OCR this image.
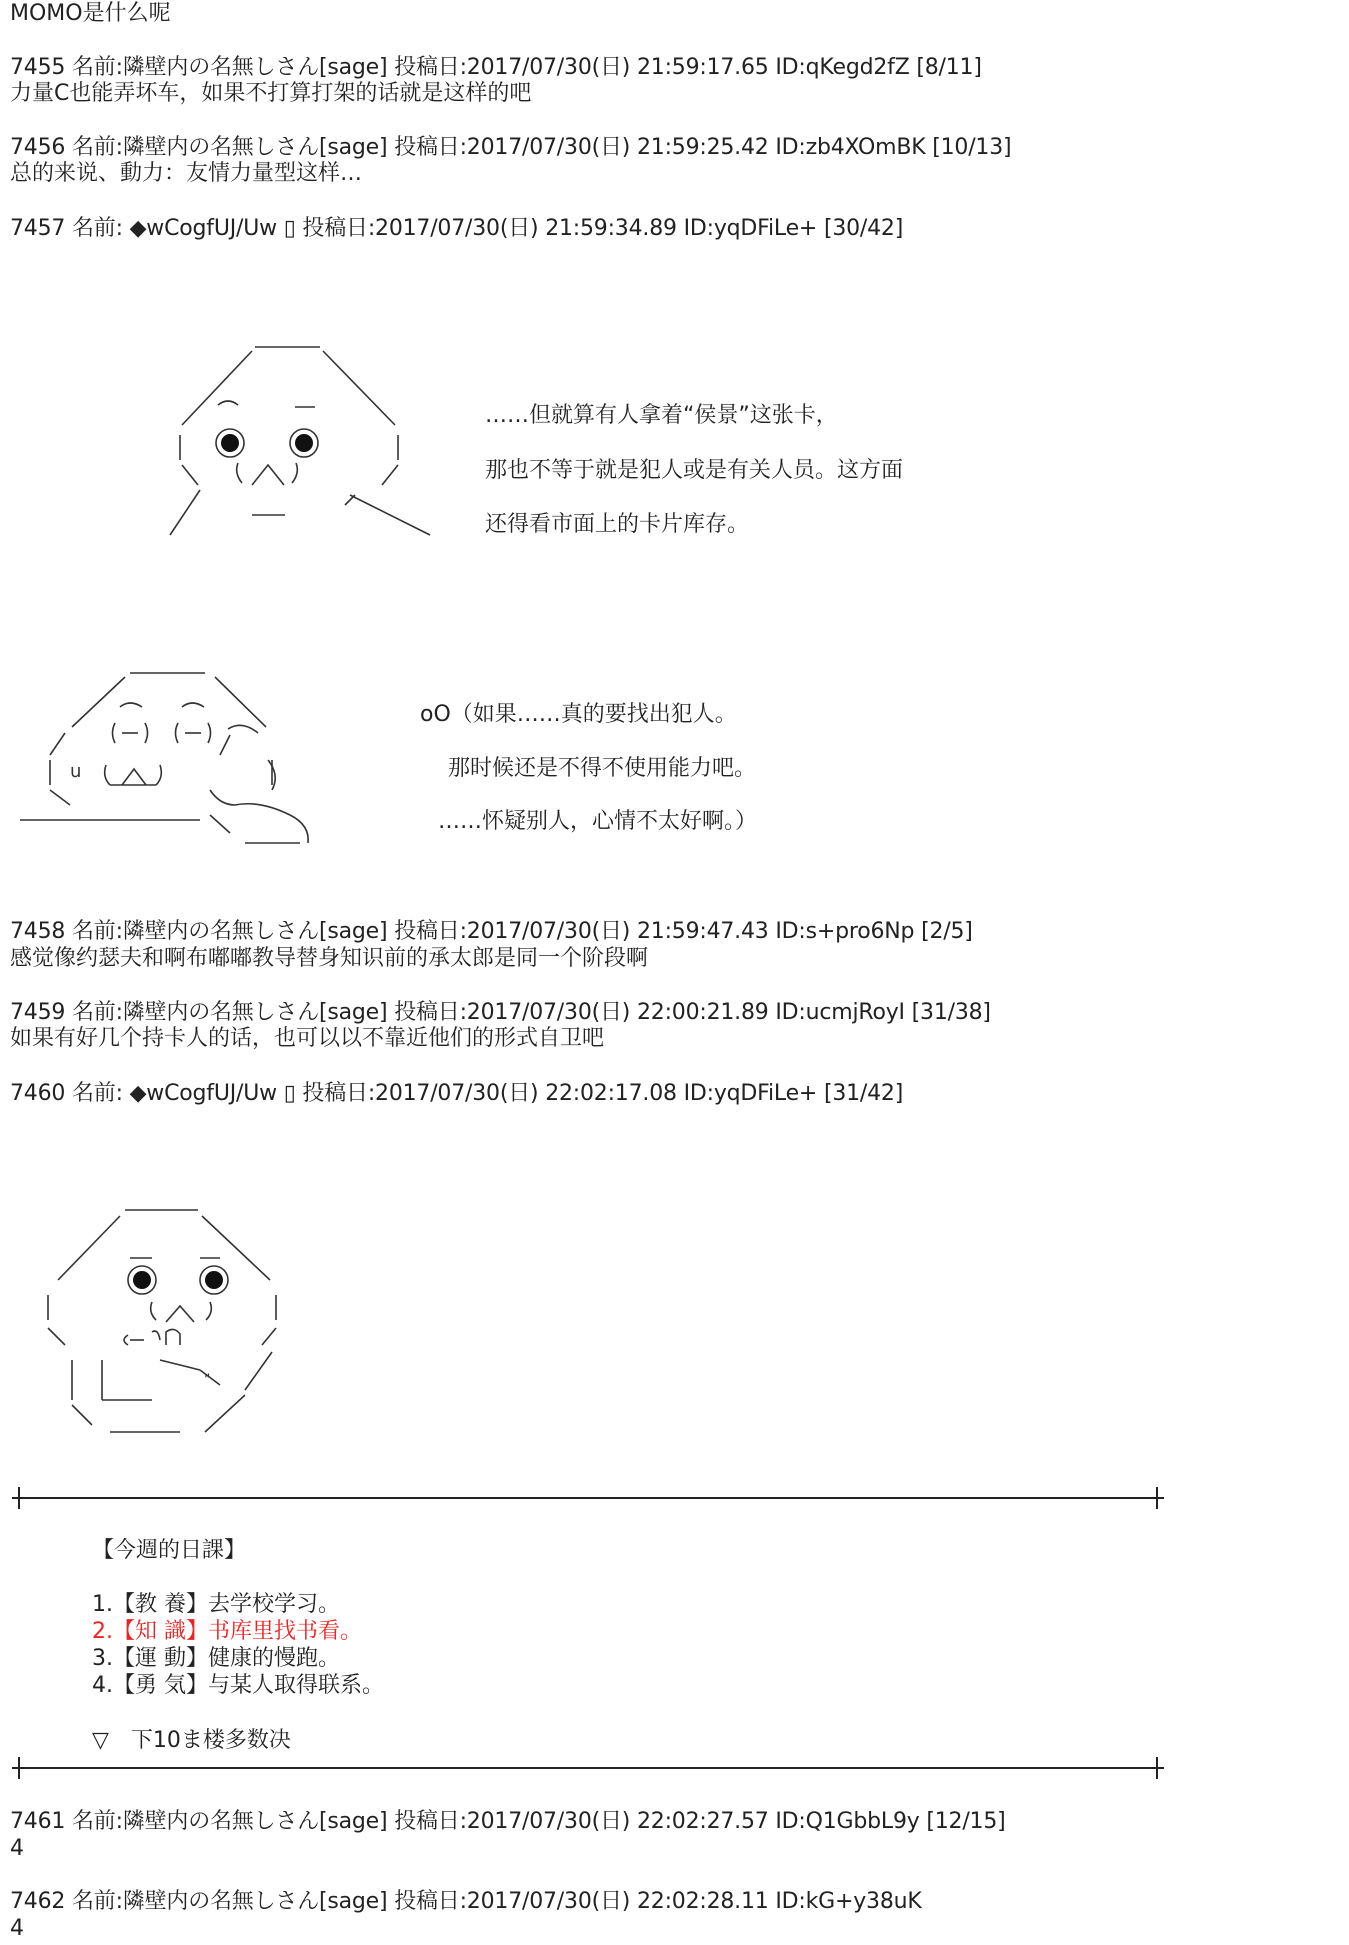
MOMO是什么呢
7455 名前:隣壁内の名無しさん[sage] 投稿日:2017/07/30(日) 21:59:17.65 ID:qKegd2fZ [8/11]
力量C也能弄坏车，如果不打算打架的话就是这样的吧
7456 名前:隣壁内の名無しさん[sage] 投稿日:2017/07/30(日) 21:59:25.42 ID:zb4XOmBK [10/13]
总的来说、動力：友情力量型这样…
7457 名前: ◆wCogfUJ/Uw ▯ 投稿日:2017/07/30(日) 21:59:34.89 ID:yqDFiLe+ [30/42]
……但就算有人拿着“侯景”这张卡，
那也不等于就是犯人或是有关人员。这方面
还得看市面上的卡片库存。
u
oO（如果……真的要找出犯人。
那时候还是不得不使用能力吧。
……怀疑别人，心情不太好啊。）
7458 名前:隣壁内の名無しさん[sage] 投稿日:2017/07/30(日) 21:59:47.43 ID:s+pro6Np [2/5]
感觉像约瑟夫和啊布嘟嘟教导替身知识前的承太郎是同一个阶段啊
7459 名前:隣壁内の名無しさん[sage] 投稿日:2017/07/30(日) 22:00:21.89 ID:ucmjRoyI [31/38]
如果有好几个持卡人的话，也可以以不靠近他们的形式自卫吧
7460 名前: ◆wCogfUJ/Uw ▯ 投稿日:2017/07/30(日) 22:02:17.08 ID:yqDFiLe+ [31/42]
"
【今週的日課】
1.【教 養】去学校学习。
2.【知 識】书库里找书看。
3.【運 動】健康的慢跑。
4.【勇 気】与某人取得联系。
▽　下10ま楼多数决
7461 名前:隣壁内の名無しさん[sage] 投稿日:2017/07/30(日) 22:02:27.57 ID:Q1GbbL9y [12/15]
4
7462 名前:隣壁内の名無しさん[sage] 投稿日:2017/07/30(日) 22:02:28.11 ID:kG+y38uK
4
